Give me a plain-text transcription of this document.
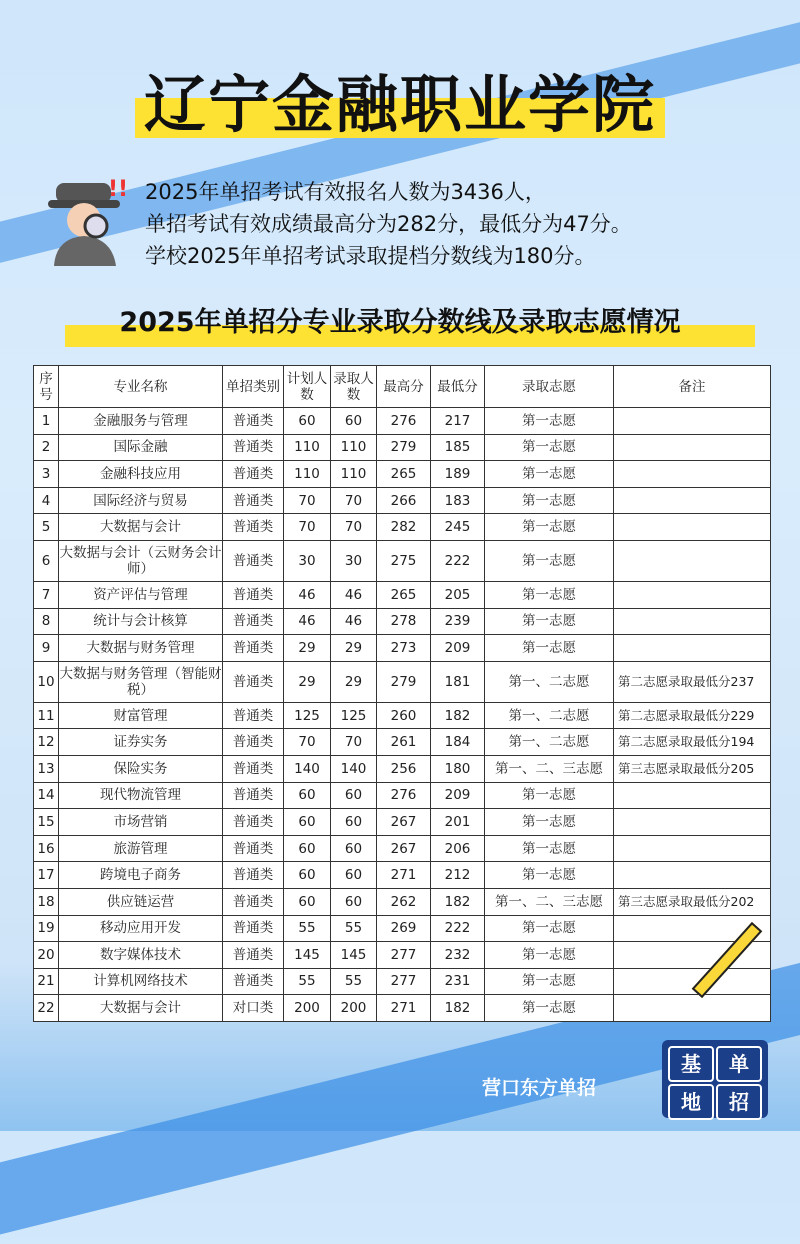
辽宁金融职业学院
!! 2025年单招考试有效报名人数为3436人，
单招考试有效成绩最高分为282分，最低分为47分。
学校2025年单招考试录取提档分数线为180分。
2025年单招分专业录取分数线及录取志愿情况
序号	专业名称	单招类别	计划人数	录取人数	最高分	最低分	录取志愿	备注
1	金融服务与管理	普通类	60	60	276	217	第一志愿	
2	国际金融	普通类	110	110	279	185	第一志愿	
3	金融科技应用	普通类	110	110	265	189	第一志愿	
4	国际经济与贸易	普通类	70	70	266	183	第一志愿	
5	大数据与会计	普通类	70	70	282	245	第一志愿	
6	大数据与会计（云财务会计师）	普通类	30	30	275	222	第一志愿	
7	资产评估与管理	普通类	46	46	265	205	第一志愿	
8	统计与会计核算	普通类	46	46	278	239	第一志愿	
9	大数据与财务管理	普通类	29	29	273	209	第一志愿	
10	大数据与财务管理（智能财税）	普通类	29	29	279	181	第一、二志愿	第二志愿录取最低分237
11	财富管理	普通类	125	125	260	182	第一、二志愿	第二志愿录取最低分229
12	证券实务	普通类	70	70	261	184	第一、二志愿	第二志愿录取最低分194
13	保险实务	普通类	140	140	256	180	第一、二、三志愿	第三志愿录取最低分205
14	现代物流管理	普通类	60	60	276	209	第一志愿	
15	市场营销	普通类	60	60	267	201	第一志愿	
16	旅游管理	普通类	60	60	267	206	第一志愿	
17	跨境电子商务	普通类	60	60	271	212	第一志愿	
18	供应链运营	普通类	60	60	262	182	第一、二、三志愿	第三志愿录取最低分202
19	移动应用开发	普通类	55	55	269	222	第一志愿	
20	数字媒体技术	普通类	145	145	277	232	第一志愿	
21	计算机网络技术	普通类	55	55	277	231	第一志愿	
22	大数据与会计	对口类	200	200	271	182	第一志愿	
营口东方单招
基	单
地	招
